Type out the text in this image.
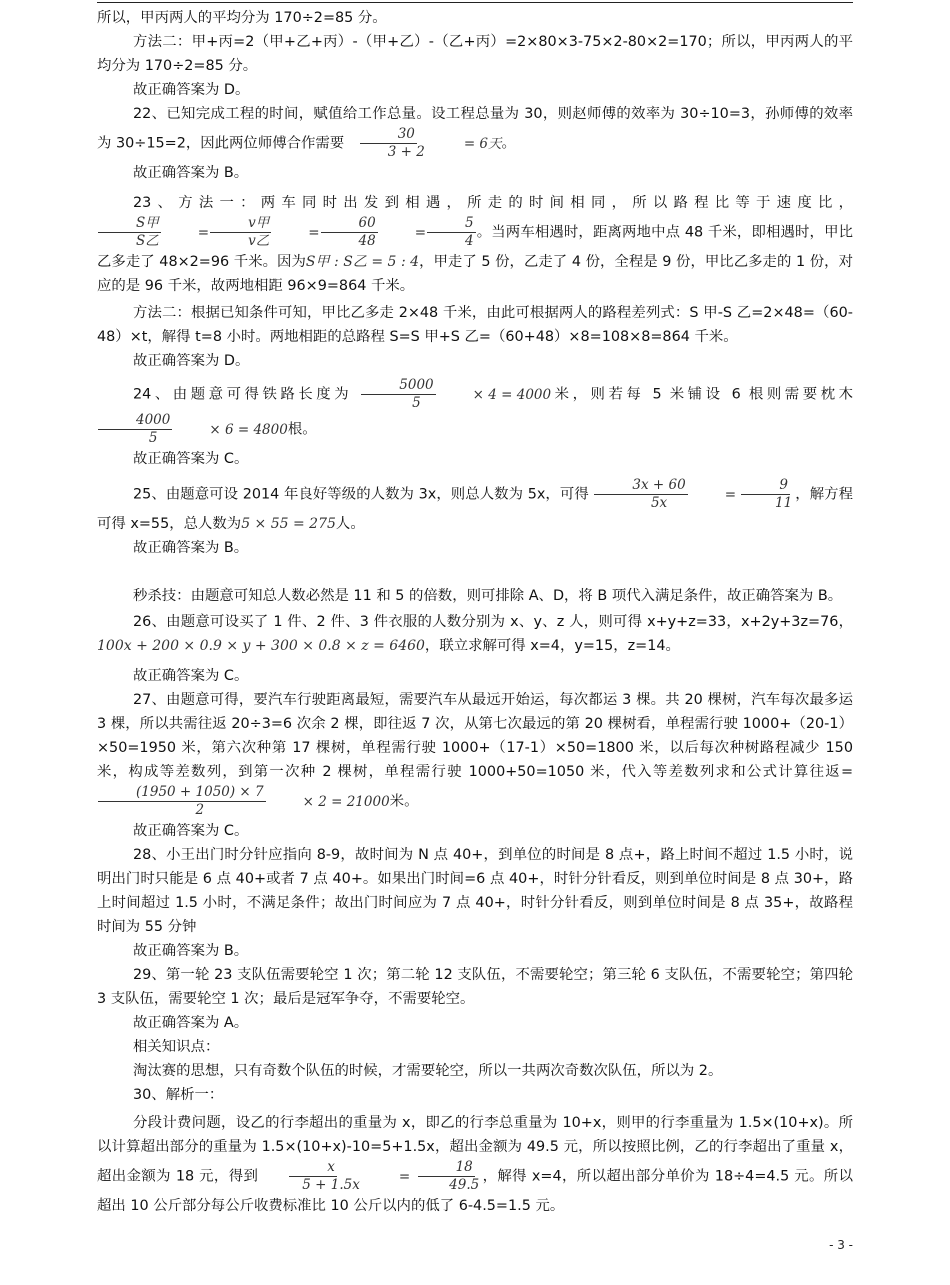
所以，甲丙两人的平均分为 170÷2=85 分。

方法二：甲+丙=2（甲+乙+丙）-（甲+乙）-（乙+丙）=2×80×3-75×2-80×2=170；所以，甲丙两人的平均分为 170÷2=85 分。

故正确答案为 D。

22、已知完成工程的时间，赋值给工作总量。设工程总量为 30，则赵师傅的效率为 30÷10=3，孙师傅的效率为 30÷15=2，因此两位师傅合作需要 $\frac{30}{3 + 2}$	= 6天 。

故正确答案为 B。

23、方法一：两车同时出发到相遇，所走的时间相同，所以路程比等于速度比，
$\frac{\text{S甲}}{\text{S乙}}$	= $\frac{\text{v甲}}{\text{v乙}}$	= $\frac{60}{48}$	= $\frac{5}{4}$ 。当两车相遇时，距离两地中点 48 千米，即相遇时，甲比乙多走了 48×2=96 千米。因为S甲 : S乙 = 5 : 4，甲走了 5 份，乙走了 4 份，全程是 9 份，甲比乙多走的 1 份，对应的是 96 千米，故两地相距 96×9=864 千米。

方法二：根据已知条件可知，甲比乙多走 2×48 千米，由此可根据两人的路程差列式：S 甲-S 乙=2×48=（60-48）×t，解得 t=8 小时。两地相距的总路程 S=S 甲+S 乙=（60+48）×8=108×8=864 千米。

故正确答案为 D。

24、由题意可得铁路长度为 $\frac{5000}{5}$	× 4 = 4000 米，则若每 5 米铺设 6 根则需要枕木
$\frac{4000}{5}$	× 6 = 4800 根。

故正确答案为 C。

25、由题意可设 2014 年良好等级的人数为 3x，则总人数为 5x，可得 $\frac{3x + 60}{5x}$	= $\frac{9}{11}$ ，解方程可得 x=55，总人数为5 × 55 = 275人。

故正确答案为 B。

秒杀技：由题意可知总人数必然是 11 和 5 的倍数，则可排除 A、D，将 B 项代入满足条件，故正确答案为 B。

26、由题意可设买了 1 件、2 件、3 件衣服的人数分别为 x、y、z 人，则可得 x+y+z=33，x+2y+3z=76，100x + 200 × 0.9 × y + 300 × 0.8 × z = 6460，联立求解可得 x=4，y=15，z=14。

故正确答案为 C。

27、由题意可得，要汽车行驶距离最短，需要汽车从最远开始运，每次都运 3 棵。共 20 棵树，汽车每次最多运 3 棵，所以共需往返 20÷3=6 次余 2 棵，即往返 7 次，从第七次最远的第 20 棵树看，单程需行驶 1000+（20-1）×50=1950 米，第六次种第 17 棵树，单程需行驶 1000+（17-1）×50=1800 米，以后每次种树路程减少 150 米，构成等差数列，到第一次种 2 棵树，单程需行驶 1000+50=1050 米，代入等差数列求和公式计算往返=
$\frac{(1950 + 1050) \times 7}{2}$	× 2 = 21000 米。

故正确答案为 C。

28、小王出门时分针应指向 8-9，故时间为 N 点 40+，到单位的时间是 8 点+，路上时间不超过 1.5 小时，说明出门时只能是 6 点 40+或者 7 点 40+。如果出门时间=6 点 40+，时针分针看反，则到单位时间是 8 点 30+，路上时间超过 1.5 小时，不满足条件；故出门时间应为 7 点 40+，时针分针看反，则到单位时间是 8 点 35+，故路程时间为 55 分钟

故正确答案为 B。

29、第一轮 23 支队伍需要轮空 1 次；第二轮 12 支队伍，不需要轮空；第三轮 6 支队伍，不需要轮空；第四轮 3 支队伍，需要轮空 1 次；最后是冠军争夺，不需要轮空。

故正确答案为 A。

相关知识点：

淘汰赛的思想，只有奇数个队伍的时候，才需要轮空，所以一共两次奇数次队伍，所以为 2。

30、解析一：

分段计费问题，设乙的行李超出的重量为 x，即乙的行李总重量为 10+x，则甲的行李重量为 1.5×(10+x)。所以计算超出部分的重量为 1.5×(10+x)-10=5+1.5x，超出金额为 49.5 元，所以按照比例，乙的行李超出了重量 x，超出金额为 18 元，得到 $\frac{x}{5 + 1.5x}$	= $\frac{18}{49.5}$ ，解得 x=4，所以超出部分单价为 18÷4=4.5 元。所以超出 10 公斤部分每公斤收费标准比 10 公斤以内的低了 6-4.5=1.5 元。

- 3 -
